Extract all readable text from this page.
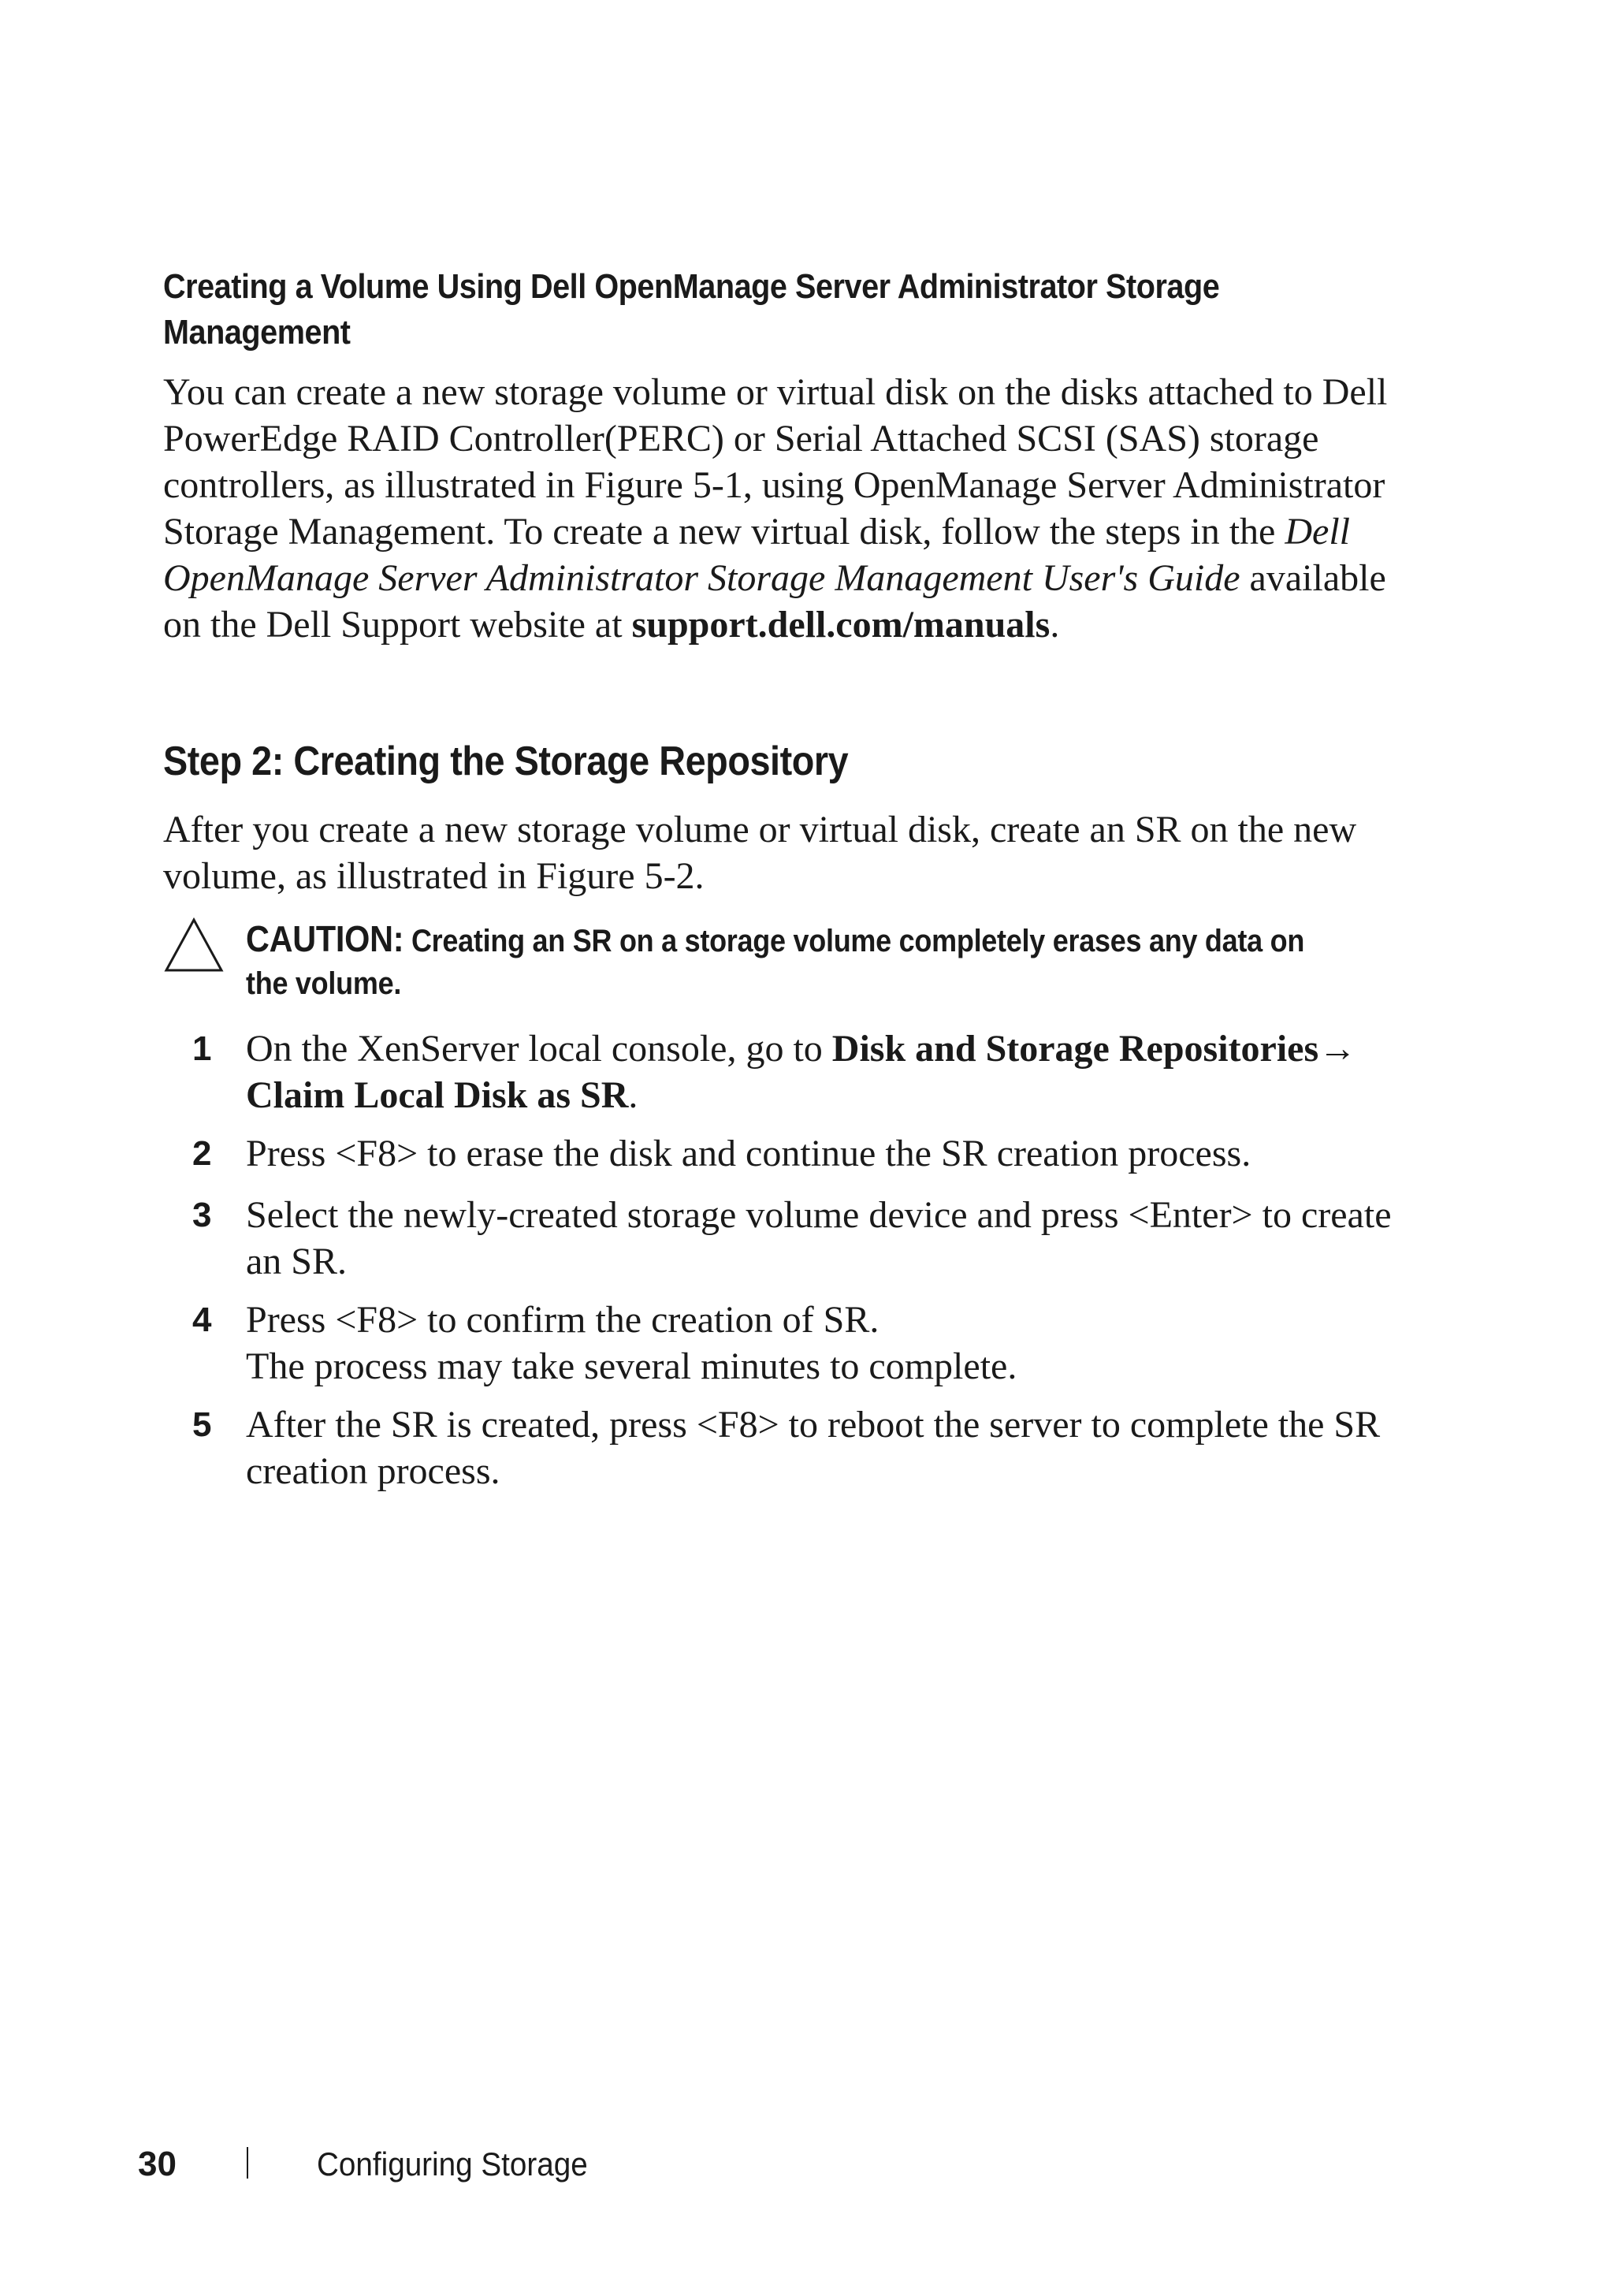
Creating a Volume Using Dell OpenManage Server Administrator Storage Management
You can create a new storage volume or virtual disk on the disks attached to Dell PowerEdge RAID Controller(PERC) or Serial Attached SCSI (SAS) storage controllers, as illustrated in Figure 5-1, using OpenManage Server Administrator Storage Management. To create a new virtual disk, follow the steps in the Dell OpenManage Server Administrator Storage Management User's Guide available on the Dell Support website at support.dell.com/manuals.
Step 2: Creating the Storage Repository
After you create a new storage volume or virtual disk, create an SR on the new volume, as illustrated in Figure 5-2.
CAUTION: Creating an SR on a storage volume completely erases any data on the volume.
1 On the XenServer local console, go to Disk and Storage Repositories→ Claim Local Disk as SR.
2 Press <F8> to erase the disk and continue the SR creation process.
3 Select the newly-created storage volume device and press <Enter> to create an SR.
4 Press <F8> to confirm the creation of SR.
The process may take several minutes to complete.
5 After the SR is created, press <F8> to reboot the server to complete the SR creation process.
30	Configuring Storage
